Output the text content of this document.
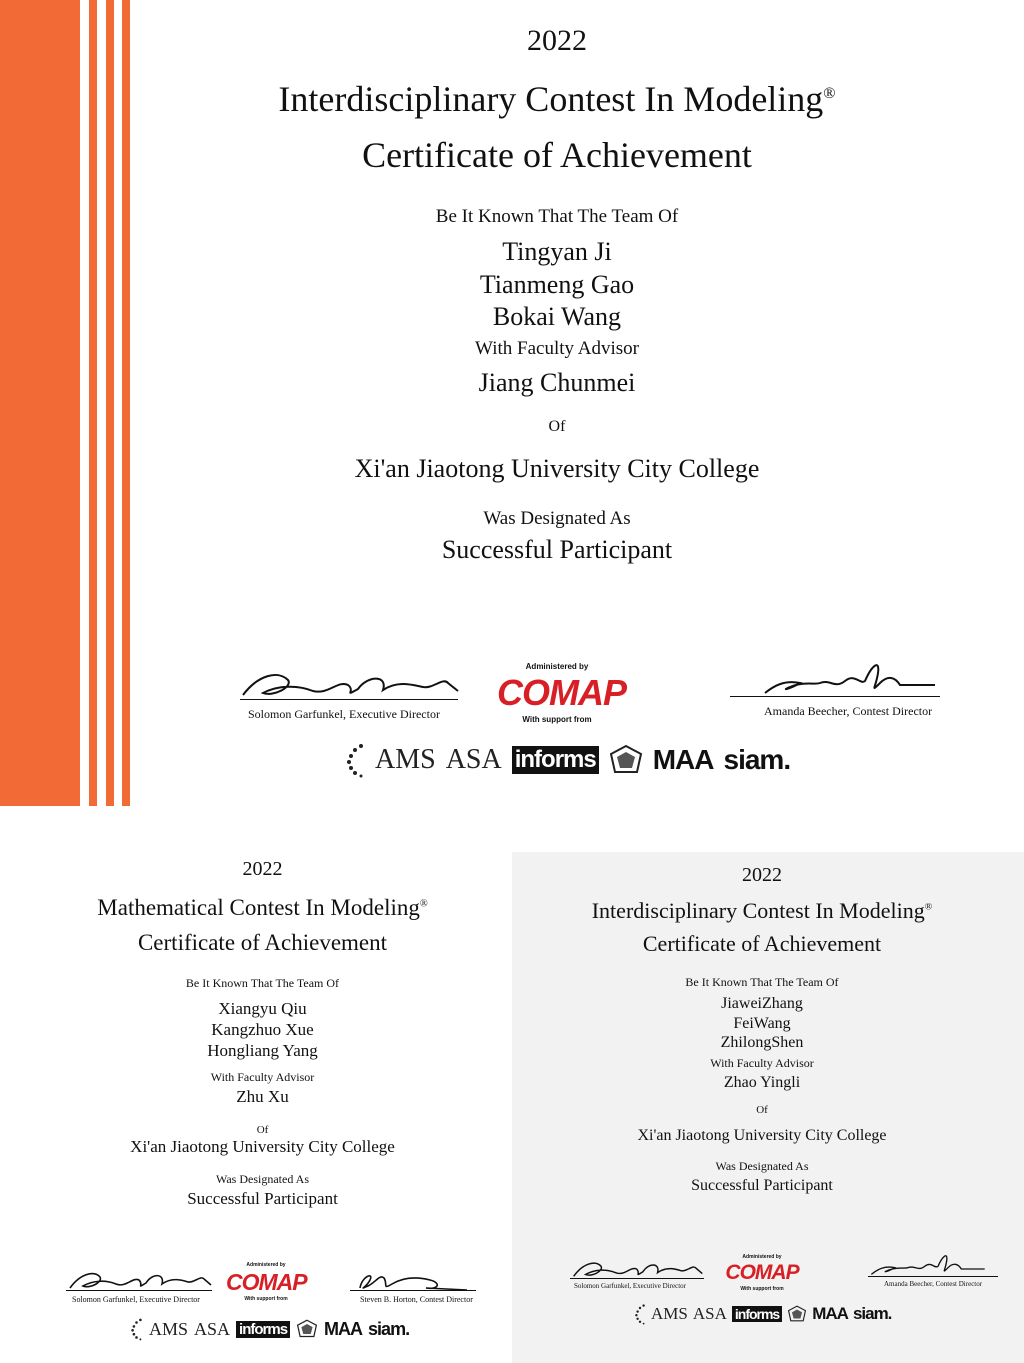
2022
Interdisciplinary Contest In Modeling®
Certificate of Achievement
Be It Known That The Team Of
Tingyan Ji
Tianmeng Gao
Bokai Wang
With Faculty Advisor
Jiang Chunmei
Of
Xi'an Jiaotong University City College
Was Designated As
Successful Participant
Solomon Garfunkel, Executive Director
Administered by
COMAP
With support from
Amanda Beecher, Contest Director
AMS ASA informs MAA siam.
2022
Mathematical Contest In Modeling®
Certificate of Achievement
Be It Known That The Team Of
Xiangyu Qiu
Kangzhuo Xue
Hongliang Yang
With Faculty Advisor
Zhu Xu
Of
Xi'an Jiaotong University City College
Was Designated As
Successful Participant
Solomon Garfunkel, Executive Director
Administered by
COMAP
With support from	Steven B. Horton, Contest Director
AMS ASA informs MAA siam.
2022
Interdisciplinary Contest In Modeling®
Certificate of Achievement
Be It Known That The Team Of
JiaweiZhang
FeiWang
ZhilongShen
With Faculty Advisor
Zhao Yingli
Of
Xi'an Jiaotong University City College
Was Designated As
Successful Participant
Solomon Garfunkel, Executive Director
Administered by
COMAP
With support from
Amanda Beecher, Contest Director
AMS ASA informs MAA siam.
